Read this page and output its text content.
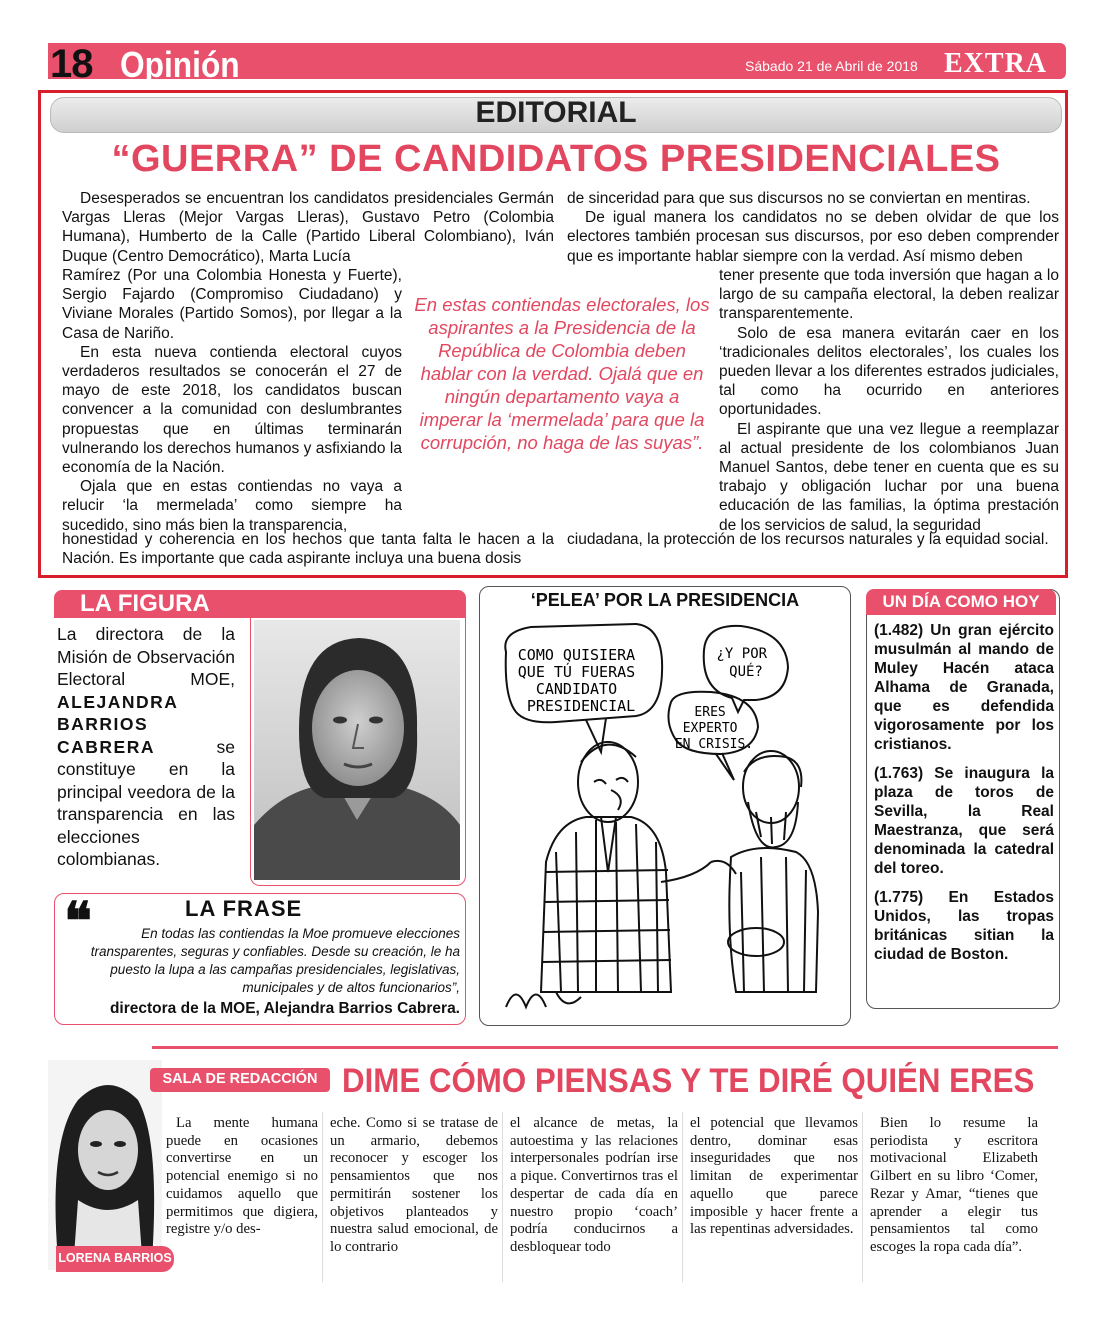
18 Opinión	Sábado 21 de Abril de 2018 EXTRA
EDITORIAL
“GUERRA” DE CANDIDATOS PRESIDENCIALES

Desesperados se encuentran los candidatos presidenciales Germán Vargas Lleras (Mejor Vargas Lleras), Gustavo Petro (Colombia Humana), Humberto de la Calle (Partido Liberal Colombiano), Iván Duque (Centro Democrático), Marta Lucía

Ramírez (Por una Colombia Honesta y Fuerte), Sergio Fajardo (Compromiso Ciudadano) y Viviane Morales (Partido Somos), por llegar a la Casa de Nariño.

En esta nueva contienda electoral cuyos verdaderos resultados se conocerán el 27 de mayo de este 2018, los candidatos buscan convencer a la comunidad con deslumbrantes propuestas que en últimas terminarán vulnerando los derechos humanos y asfixiando la economía de la Nación.

Ojala que en estas contiendas no vaya a relucir ‘la mermelada’ como siempre ha sucedido, sino más bien la transparencia,

honestidad y coherencia en los hechos que tanta falta le hacen a la Nación. Es importante que cada aspirante incluya una buena dosis

de sinceridad para que sus discursos no se conviertan en mentiras.

De igual manera los candidatos no se deben olvidar de que los electores también procesan sus discursos, por eso deben comprender que es importante hablar siempre con la verdad. Así mismo deben

tener presente que toda inversión que hagan a lo largo de su campaña electoral, la deben realizar transparentemente.

Solo de esa manera evitarán caer en los ‘tradicionales delitos electorales’, los cuales los pueden llevar a los diferentes estrados judiciales, tal como ha ocurrido en anteriores oportunidades.

El aspirante que una vez llegue a reemplazar al actual presidente de los colombianos Juan Manuel Santos, debe tener en cuenta que es su trabajo y obligación luchar por una buena educación de las familias, la óptima prestación de los servicios de salud, la seguridad

ciudadana, la protección de los recursos naturales y la equidad social.

En estas contiendas electorales, los aspirantes a la Presidencia de la República de Colombia deben hablar con la verdad. Ojalá que en ningún departamento vaya a imperar la ‘mermelada’ para que la corrupción, no haga de las suyas”.
LA FIGURA
La directora de la Misión de Observación Electoral MOE, ALEJANDRA BARRIOS CABRERA	se constituye en la principal veedora de la transparencia en las elecciones colombianas.
❝	LA FRASE
En todas las contiendas la Moe promueve elecciones transparentes, seguras y confiables. Desde su creación, le ha puesto la lupa a las campañas presidenciales, legislativas, municipales y de altos funcionarios”,
directora de la MOE, Alejandra Barrios Cabrera.
‘PELEA’ POR LA PRESIDENCIA
COMO QUISIERA QUE TÚ FUERAS CANDIDATO PRESIDENCIAL
¿Y POR QUÉ?
ERES EXPERTO EN CRISIS.
UN DÍA COMO HOY

(1.482) Un gran ejército musulmán al mando de Muley Hacén ataca Alhama de Granada, que es defendida vigorosamente por los cristianos.

(1.763) Se inaugura la plaza de toros de Sevilla, la Real Maestranza, que será denominada la catedral del toreo.

(1.775) En Estados Unidos, las tropas británicas sitian la ciudad de Boston.

LORENA BARRIOS
SALA DE REDACCIÓN DIME CÓMO PIENSAS Y TE DIRÉ QUIÉN ERES

La mente humana puede en ocasiones convertirse en un potencial enemigo si no cuidamos aquello que permitimos que digiera, registre y/o des-

eche. Como si se tratase de un armario, debemos reconocer y escoger los pensamientos que nos permitirán sostener los objetivos planteados y nuestra salud emocional, de lo contrario

el alcance de metas, la autoestima y las relaciones interpersonales podrían irse a pique. Convertirnos tras el despertar de cada día en nuestro propio ‘coach’ podría conducirnos a desbloquear todo

el potencial que llevamos dentro, dominar esas inseguridades que nos limitan de experimentar aquello que parece imposible y hacer frente a las repentinas adversidades.

Bien lo resume la periodista y escritora motivacional Elizabeth Gilbert en su libro ‘Comer, Rezar y Amar, “tienes que aprender a elegir tus pensamientos tal como escoges la ropa cada día”.
